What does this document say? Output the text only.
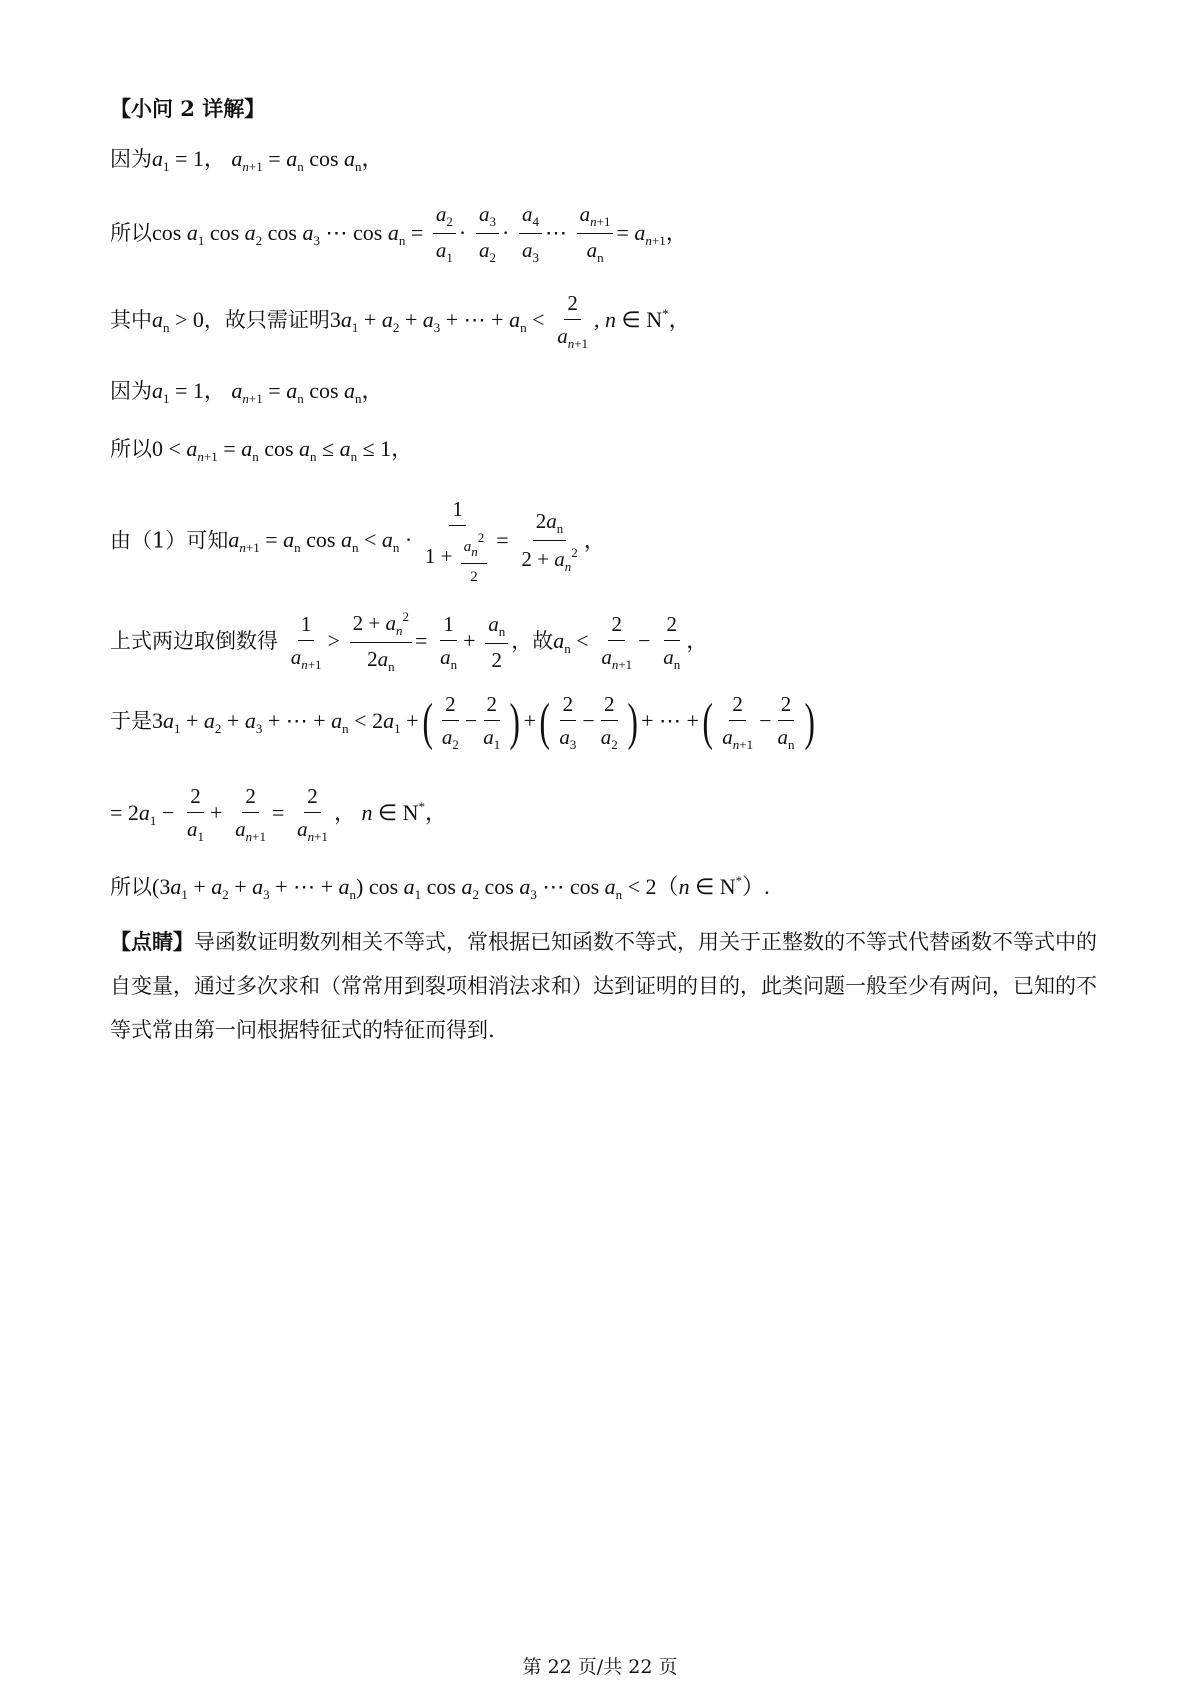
【小问 2 详解】
因为$a_1 = 1$， $a_{n+1} = a_n$ $\cos a_n$，
所以$\cos a_1$ $\cos a_2$ $\cos a_3$ ⋯ $\cos a_n = \frac{a_2}{a_1} \cdot \frac{a_3}{a_2} \cdot \frac{a_4}{a_3}$ ⋯ $\frac{a_{n+1}}{a_n} = a_{n+1}$，
其中$a_n > 0$，故只需证明$3a_1 + a_2 + a_3$ + ⋯ + $a_n < \frac{2}{a_{n+1}}$ , n ∈ N*，
因为$a_1 = 1$， $a_{n+1} = a_n$ $\cos a_n$，
所以$0 < a_{n+1} = a_n$ $\cos a_n \le a_n \le 1$，
由（1）可知$a_{n+1} = a_n$ $\cos a_n < a_n \cdot \frac{1}{1 + \frac{a_n^2}{2}} = \frac{2a_n}{2 + a_n^2}$ ，
上式两边取倒数得 $\frac{1}{a_{n+1}} > \frac{2 + a_n^2}{2a_n} = \frac{1}{a_n} + \frac{a_n}{2}$ ，故$a_n < \frac{2}{a_{n+1}} - \frac{2}{a_n}$ ，
于是$3a_1 + a_2 + a_3$ + ⋯ + $a_n < 2a_1$ +( $\frac{2}{a_2} - \frac{2}{a_1}$ ) +( $\frac{2}{a_3} - \frac{2}{a_2}$ ) + ⋯ +( $\frac{2}{a_{n+1}} - \frac{2}{a_n}$ )
= $2a_1 - \frac{2}{a_1} + \frac{2}{a_{n+1}} = \frac{2}{a_{n+1}}$ ， n ∈ N*，
所以($3a_1 + a_2 + a_3$ + ⋯ + $a_n$) $\cos a_1$ $\cos a_2$ $\cos a_3$ ⋯ $\cos a_n < 2(n$ ∈ N*）.
【点睛】导函数证明数列相关不等式，常根据已知函数不等式，用关于正整数的不等式代替函数不等式中的自变量，通过多次求和（常常用到裂项相消法求和）达到证明的目的，此类问题一般至少有两问，已知的不等式常由第一问根据特征式的特征而得到.
第 22 页/共 22 页
